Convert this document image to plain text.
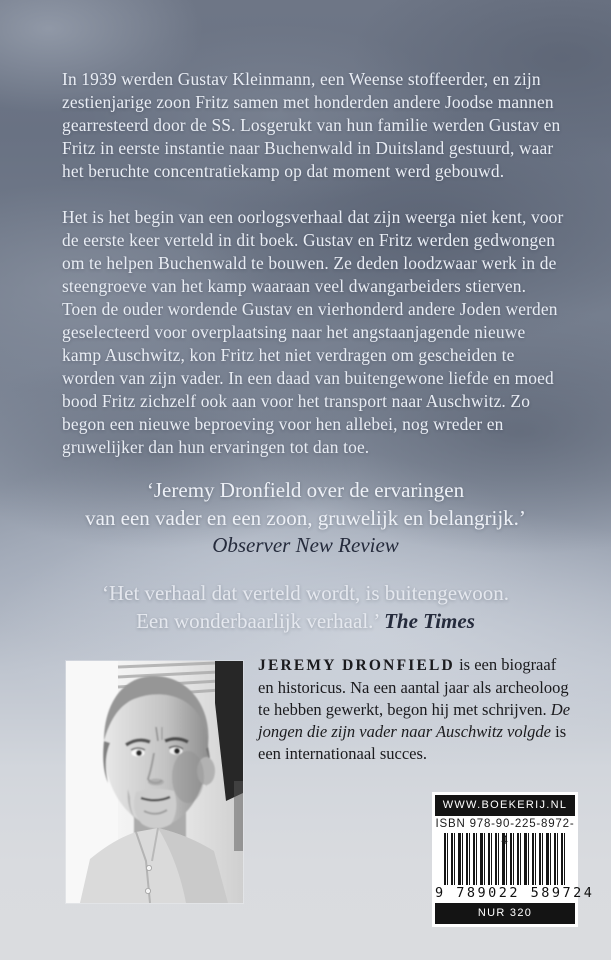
In 1939 werden Gustav Kleinmann, een Weense stoffeerder, en zijn zestienjarige zoon Fritz samen met honderden andere Joodse mannen gearresteerd door de SS. Losgerukt van hun familie werden Gustav en Fritz in eerste instantie naar Buchenwald in Duitsland gestuurd, waar het beruchte concentratiekamp op dat moment werd gebouwd.

Het is het begin van een oorlogsverhaal dat zijn weerga niet kent, voor de eerste keer verteld in dit boek. Gustav en Fritz werden gedwongen om te helpen Buchenwald te bouwen. Ze deden loodzwaar werk in de steengroeve van het kamp waaraan veel dwangarbeiders stierven. Toen de ouder wordende Gustav en vierhonderd andere Joden werden geselecteerd voor overplaatsing naar het angstaanjagende nieuwe kamp Auschwitz, kon Fritz het niet verdragen om gescheiden te worden van zijn vader. In een daad van buitengewone liefde en moed bood Fritz zichzelf ook aan voor het transport naar Auschwitz. Zo begon een nieuwe beproeving voor hen allebei, nog wreder en gruwelijker dan hun ervaringen tot dan toe.

‘Jeremy Dronfield over de ervaringen
van een vader en een zoon, gruwelijk en belangrijk.’
Observer New Review
‘Het verhaal dat verteld wordt, is buitengewoon.
Een wonderbaarlijk verhaal.’ The Times
JEREMY DRONFIELD is een biograaf en historicus. Na een aantal jaar als archeoloog te hebben gewerkt, begon hij met schrijven. De jongen die zijn vader naar Auschwitz volgde is een internationaal succes.
WWW.BOEKERIJ.NL
ISBN 978-90-225-8972-4
9 789022 589724
NUR 320
